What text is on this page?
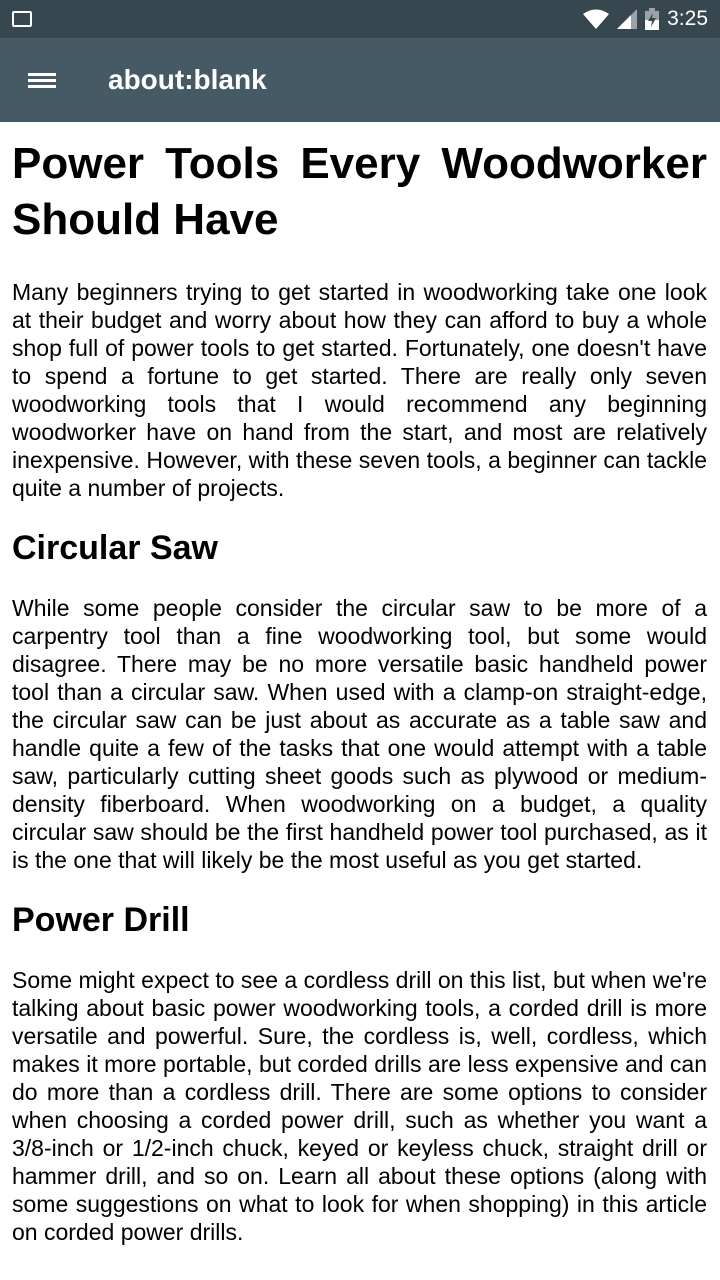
3:25
about:blank
Power Tools Every Woodworker Should Have

Many beginners trying to get started in woodworking take one look at their budget and worry about how they can afford to buy a whole shop full of power tools to get started. Fortunately, one doesn't have to spend a fortune to get started. There are really only seven woodworking tools that I would recommend any beginning woodworker have on hand from the start, and most are relatively inexpensive. However, with these seven tools, a beginner can tackle quite a number of projects.

Circular Saw

While some people consider the circular saw to be more of a carpentry tool than a fine woodworking tool, but some would disagree. There may be no more versatile basic handheld power tool than a circular saw. When used with a clamp-on straight-edge, the circular saw can be just about as accurate as a table saw and handle quite a few of the tasks that one would attempt with a table saw, particularly cutting sheet goods such as plywood or medium-density fiberboard. When woodworking on a budget, a quality circular saw should be the first handheld power tool purchased, as it is the one that will likely be the most useful as you get started.

Power Drill

Some might expect to see a cordless drill on this list, but when we're talking about basic power woodworking tools, a corded drill is more versatile and powerful. Sure, the cordless is, well, cordless, which makes it more portable, but corded drills are less expensive and can do more than a cordless drill. There are some options to consider when choosing a corded power drill, such as whether you want a 3/8-inch or 1/2-inch chuck, keyed or keyless chuck, straight drill or hammer drill, and so on. Learn all about these options (along with some suggestions on what to look for when shopping) in this article on corded power drills.
